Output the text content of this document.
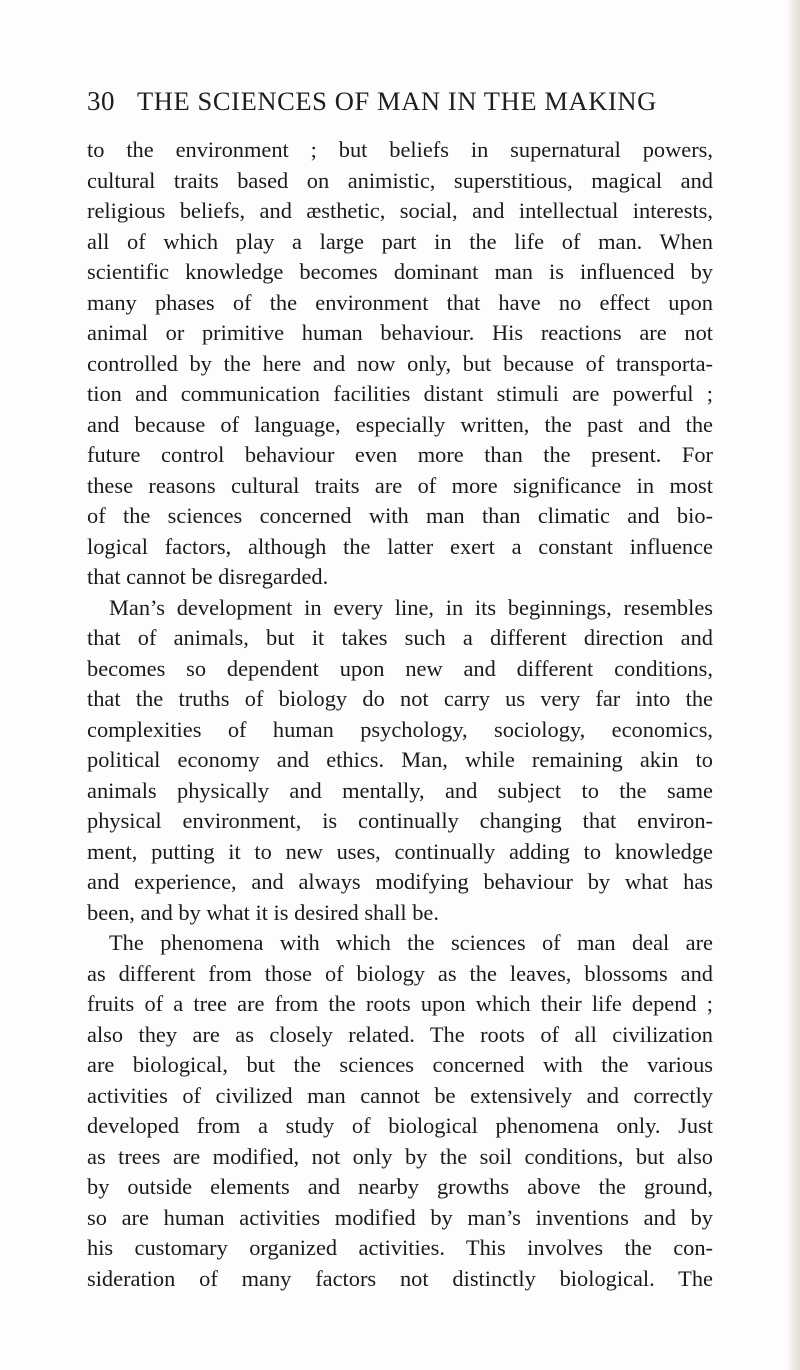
30 THE SCIENCES OF MAN IN THE MAKING
to the environment ; but beliefs in supernatural powers,
cultural traits based on animistic, superstitious, magical and
religious beliefs, and æsthetic, social, and intellectual interests,
all of which play a large part in the life of man. When
scientific knowledge becomes dominant man is influenced by
many phases of the environment that have no effect upon
animal or primitive human behaviour. His reactions are not
controlled by the here and now only, but because of transporta-
tion and communication facilities distant stimuli are powerful ;
and because of language, especially written, the past and the
future control behaviour even more than the present. For
these reasons cultural traits are of more significance in most
of the sciences concerned with man than climatic and bio-
logical factors, although the latter exert a constant influence
that cannot be disregarded.
Man’s development in every line, in its beginnings, resembles
that of animals, but it takes such a different direction and
becomes so dependent upon new and different conditions,
that the truths of biology do not carry us very far into the
complexities of human psychology, sociology, economics,
political economy and ethics. Man, while remaining akin to
animals physically and mentally, and subject to the same
physical environment, is continually changing that environ-
ment, putting it to new uses, continually adding to knowledge
and experience, and always modifying behaviour by what has
been, and by what it is desired shall be.
The phenomena with which the sciences of man deal are
as different from those of biology as the leaves, blossoms and
fruits of a tree are from the roots upon which their life depend ;
also they are as closely related. The roots of all civilization
are biological, but the sciences concerned with the various
activities of civilized man cannot be extensively and correctly
developed from a study of biological phenomena only. Just
as trees are modified, not only by the soil conditions, but also
by outside elements and nearby growths above the ground,
so are human activities modified by man’s inventions and by
his customary organized activities. This involves the con-
sideration of many factors not distinctly biological. The
